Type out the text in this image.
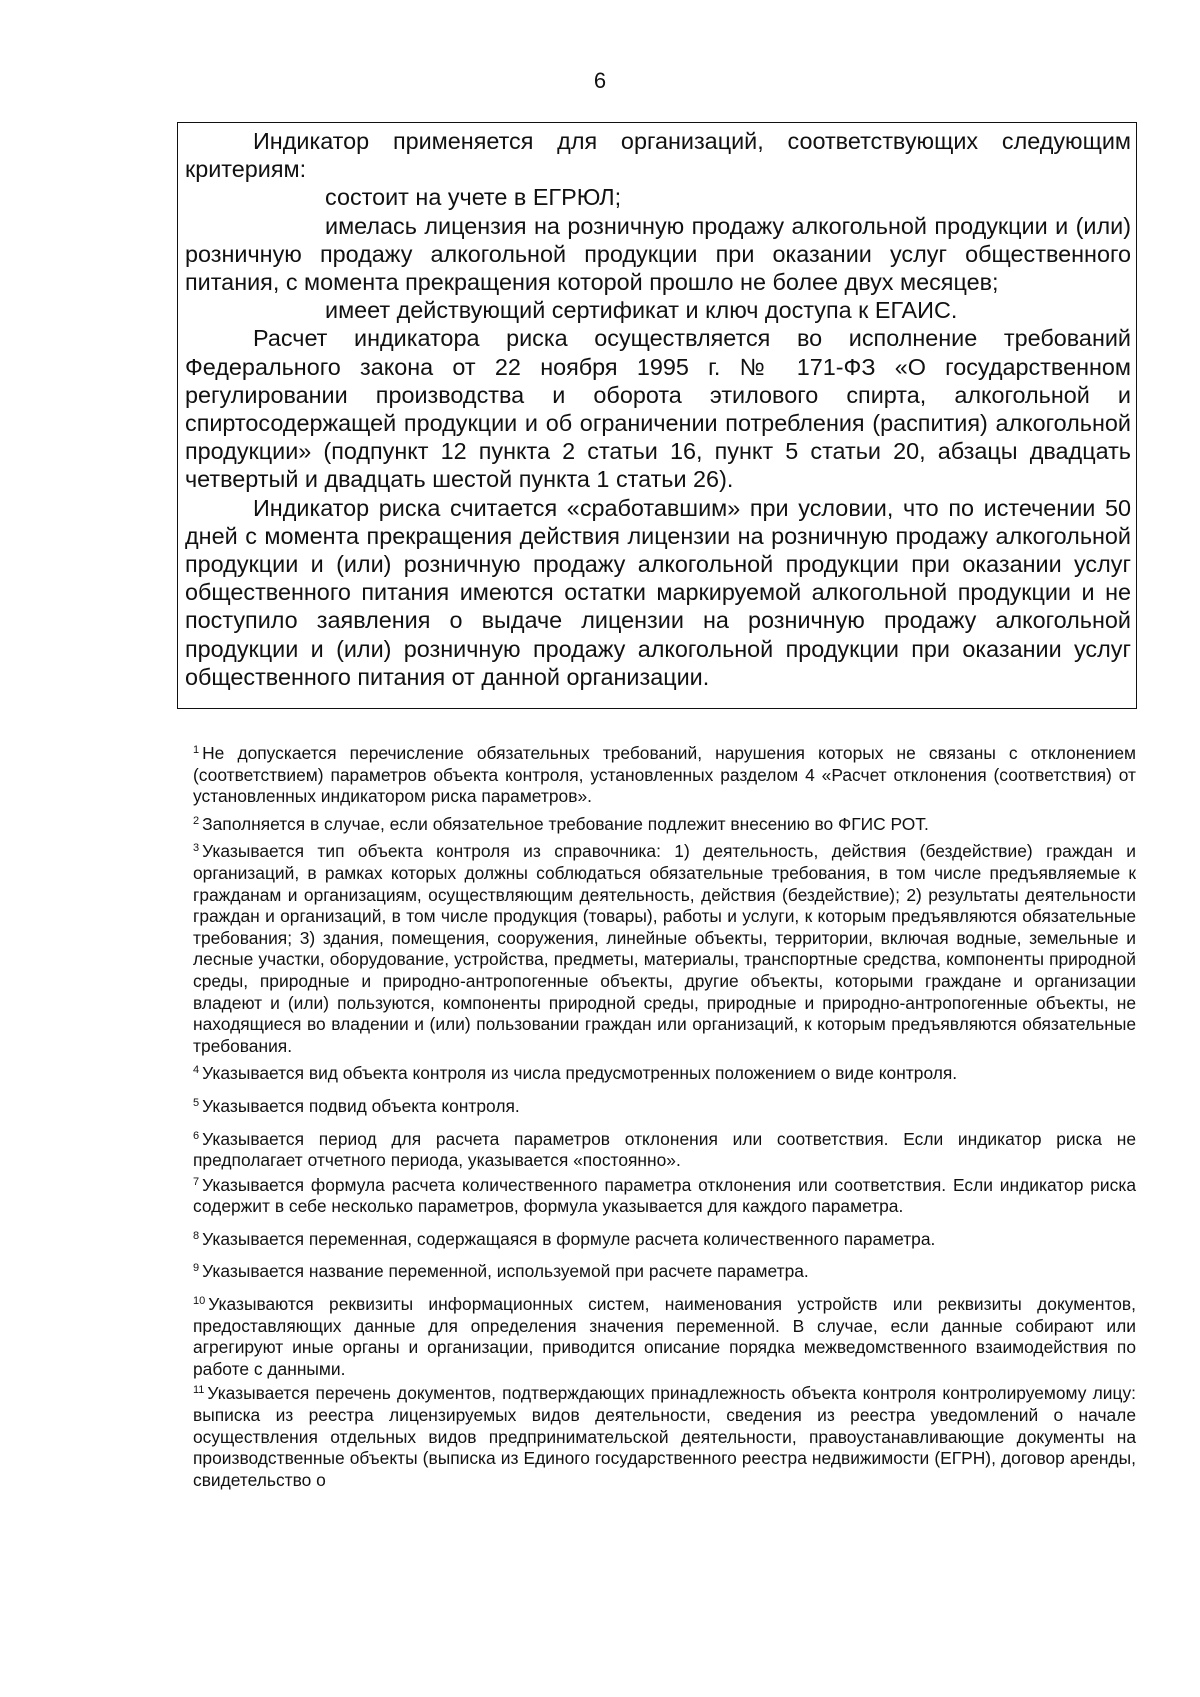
6

Индикатор применяется для организаций, соответствующих следующим критериям:

состоит на учете в ЕГРЮЛ;

имелась лицензия на розничную продажу алкогольной продукции и (или) розничную продажу алкогольной продукции при оказании услуг общественного питания, с момента прекращения которой прошло не более двух месяцев;

имеет действующий сертификат и ключ доступа к ЕГАИС.

Расчет индикатора риска осуществляется во исполнение требований Федерального закона от 22 ноября 1995 г. № 171-ФЗ «О государственном регулировании производства и оборота этилового спирта, алкогольной и спиртосодержащей продукции и об ограничении потребления (распития) алкогольной продукции» (подпункт 12 пункта 2 статьи 16, пункт 5 статьи 20, абзацы двадцать четвертый и двадцать шестой пункта 1 статьи 26).

Индикатор риска считается «сработавшим» при условии, что по истечении 50 дней с момента прекращения действия лицензии на розничную продажу алкогольной продукции и (или) розничную продажу алкогольной продукции при оказании услуг общественного питания имеются остатки маркируемой алкогольной продукции и не поступило заявления о выдаче лицензии на розничную продажу алкогольной продукции и (или) розничную продажу алкогольной продукции при оказании услуг общественного питания от данной организации.

$^1$ Не допускается перечисление обязательных требований, нарушения которых не связаны с отклонением (соответствием) параметров объекта контроля, установленных разделом 4 «Расчет отклонения (соответствия) от установленных индикатором риска параметров».

$^2$ Заполняется в случае, если обязательное требование подлежит внесению во ФГИС РОТ.

$^3$ Указывается тип объекта контроля из справочника: 1) деятельность, действия (бездействие) граждан и организаций, в рамках которых должны соблюдаться обязательные требования, в том числе предъявляемые к гражданам и организациям, осуществляющим деятельность, действия (бездействие); 2) результаты деятельности граждан и организаций, в том числе продукция (товары), работы и услуги, к которым предъявляются обязательные требования; 3) здания, помещения, сооружения, линейные объекты, территории, включая водные, земельные и лесные участки, оборудование, устройства, предметы, материалы, транспортные средства, компоненты природной среды, природные и природно-антропогенные объекты, другие объекты, которыми граждане и организации владеют и (или) пользуются, компоненты природной среды, природные и природно-антропогенные объекты, не находящиеся во владении и (или) пользовании граждан или организаций, к которым предъявляются обязательные требования.

$^4$ Указывается вид объекта контроля из числа предусмотренных положением о виде контроля.

$^5$ Указывается подвид объекта контроля.

$^6$ Указывается период для расчета параметров отклонения или соответствия. Если индикатор риска не предполагает отчетного периода, указывается «постоянно».

$^7$ Указывается формула расчета количественного параметра отклонения или соответствия. Если индикатор риска содержит в себе несколько параметров, формула указывается для каждого параметра.

$^8$ Указывается переменная, содержащаяся в формуле расчета количественного параметра.

$^9$ Указывается название переменной, используемой при расчете параметра.

$^{10}$ Указываются реквизиты информационных систем, наименования устройств или реквизиты документов, предоставляющих данные для определения значения переменной. В случае, если данные собирают или агрегируют иные органы и организации, приводится описание порядка межведомственного взаимодействия по работе с данными.

$^{11}$ Указывается перечень документов, подтверждающих принадлежность объекта контроля контролируемому лицу: выписка из реестра лицензируемых видов деятельности, сведения из реестра уведомлений о начале осуществления отдельных видов предпринимательской деятельности, правоустанавливающие документы на производственные объекты (выписка из Единого государственного реестра недвижимости (ЕГРН), договор аренды, свидетельство о
